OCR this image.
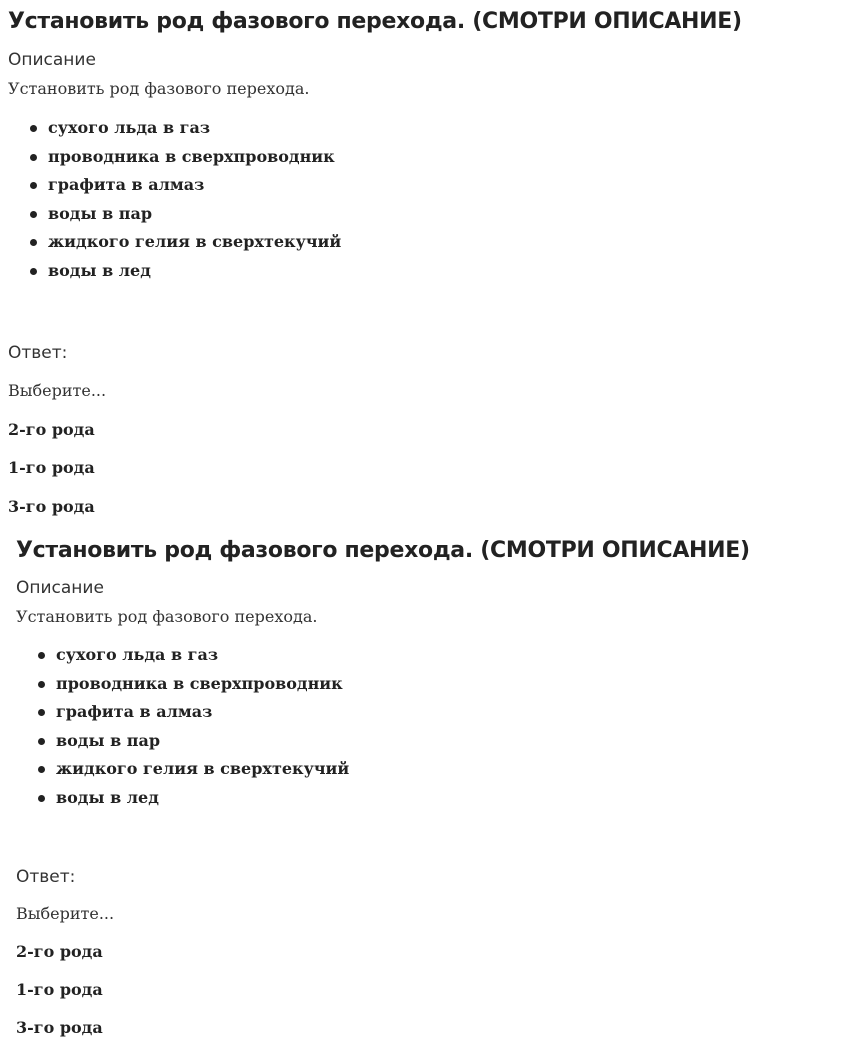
Установить род фазового перехода. (СМОТРИ ОПИСАНИЕ)
Описание
Установить род фазового перехода.
сухого льда в газ
проводника в сверхпроводник
графита в алмаз
воды в пар
жидкого гелия в сверхтекучий
воды в лед
Ответ:
Выберите...
2-го рода
1-го рода
3-го рода
Установить род фазового перехода. (СМОТРИ ОПИСАНИЕ)
Описание
Установить род фазового перехода.
сухого льда в газ
проводника в сверхпроводник
графита в алмаз
воды в пар
жидкого гелия в сверхтекучий
воды в лед
Ответ:
Выберите...
2-го рода
1-го рода
3-го рода
